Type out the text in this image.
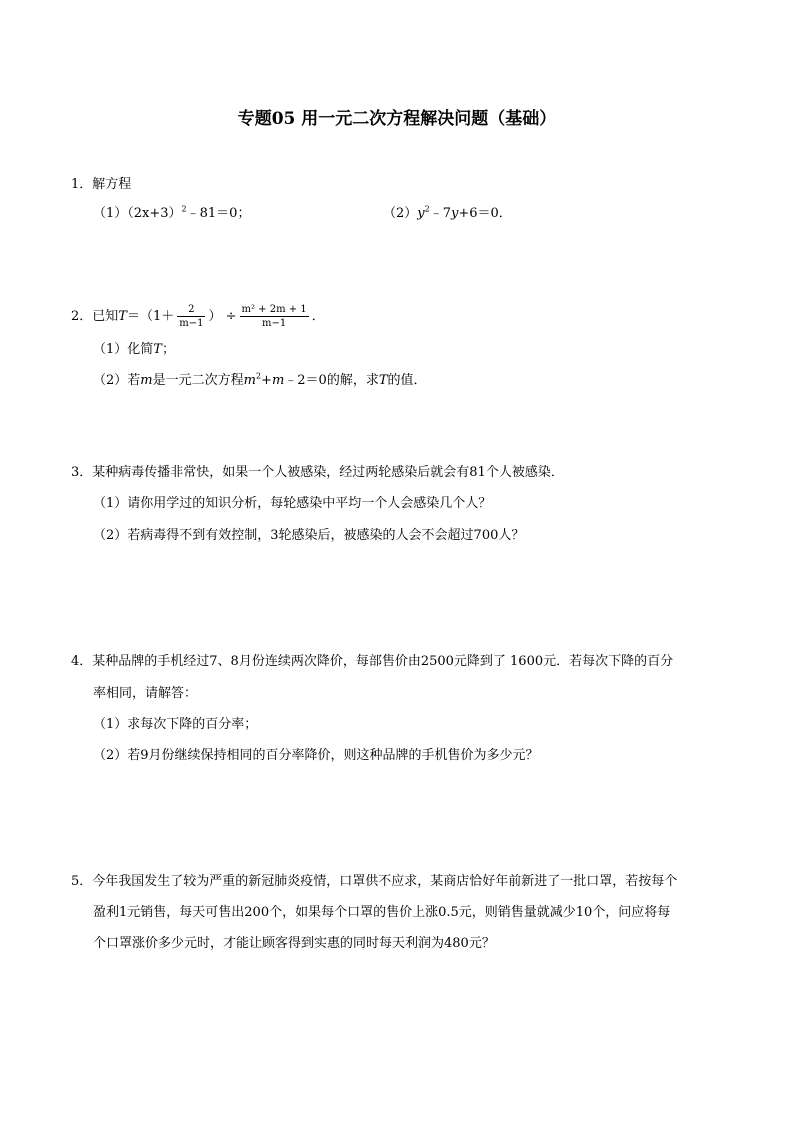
专题05 用一元二次方程解决问题（基础）
1．解方程
$(1)(2x+3)^2﹣81=0$；	$(2)y^2﹣7y+6=0$．
2．已知$T=(1+ \frac{2}{m-1}$ ） ÷ $\frac{\text{m² + 2m + 1}}{m-1}$ ．
（1）化简T；
（2）若m是一元二次方程$m^2+m﹣2=0$的解，求T的值．
3．某种病毒传播非常快，如果一个人被感染，经过两轮感染后就会有81个人被感染．
（1）请你用学过的知识分析，每轮感染中平均一个人会感染几个人？
（2）若病毒得不到有效控制，3轮感染后，被感染的人会不会超过700人？
4．某种品牌的手机经过7、8月份连续两次降价，每部售价由2500元降到了 1600元．若每次下降的百分
率相同，请解答：
（1）求每次下降的百分率；
（2）若9月份继续保持相同的百分率降价，则这种品牌的手机售价为多少元？
5．今年我国发生了较为严重的新冠肺炎疫情，口罩供不应求，某商店恰好年前新进了一批口罩，若按每个
盈利1元销售，每天可售出200个，如果每个口罩的售价上涨0.5元，则销售量就减少10个，问应将每
个口罩涨价多少元时，才能让顾客得到实惠的同时每天利润为480元？
